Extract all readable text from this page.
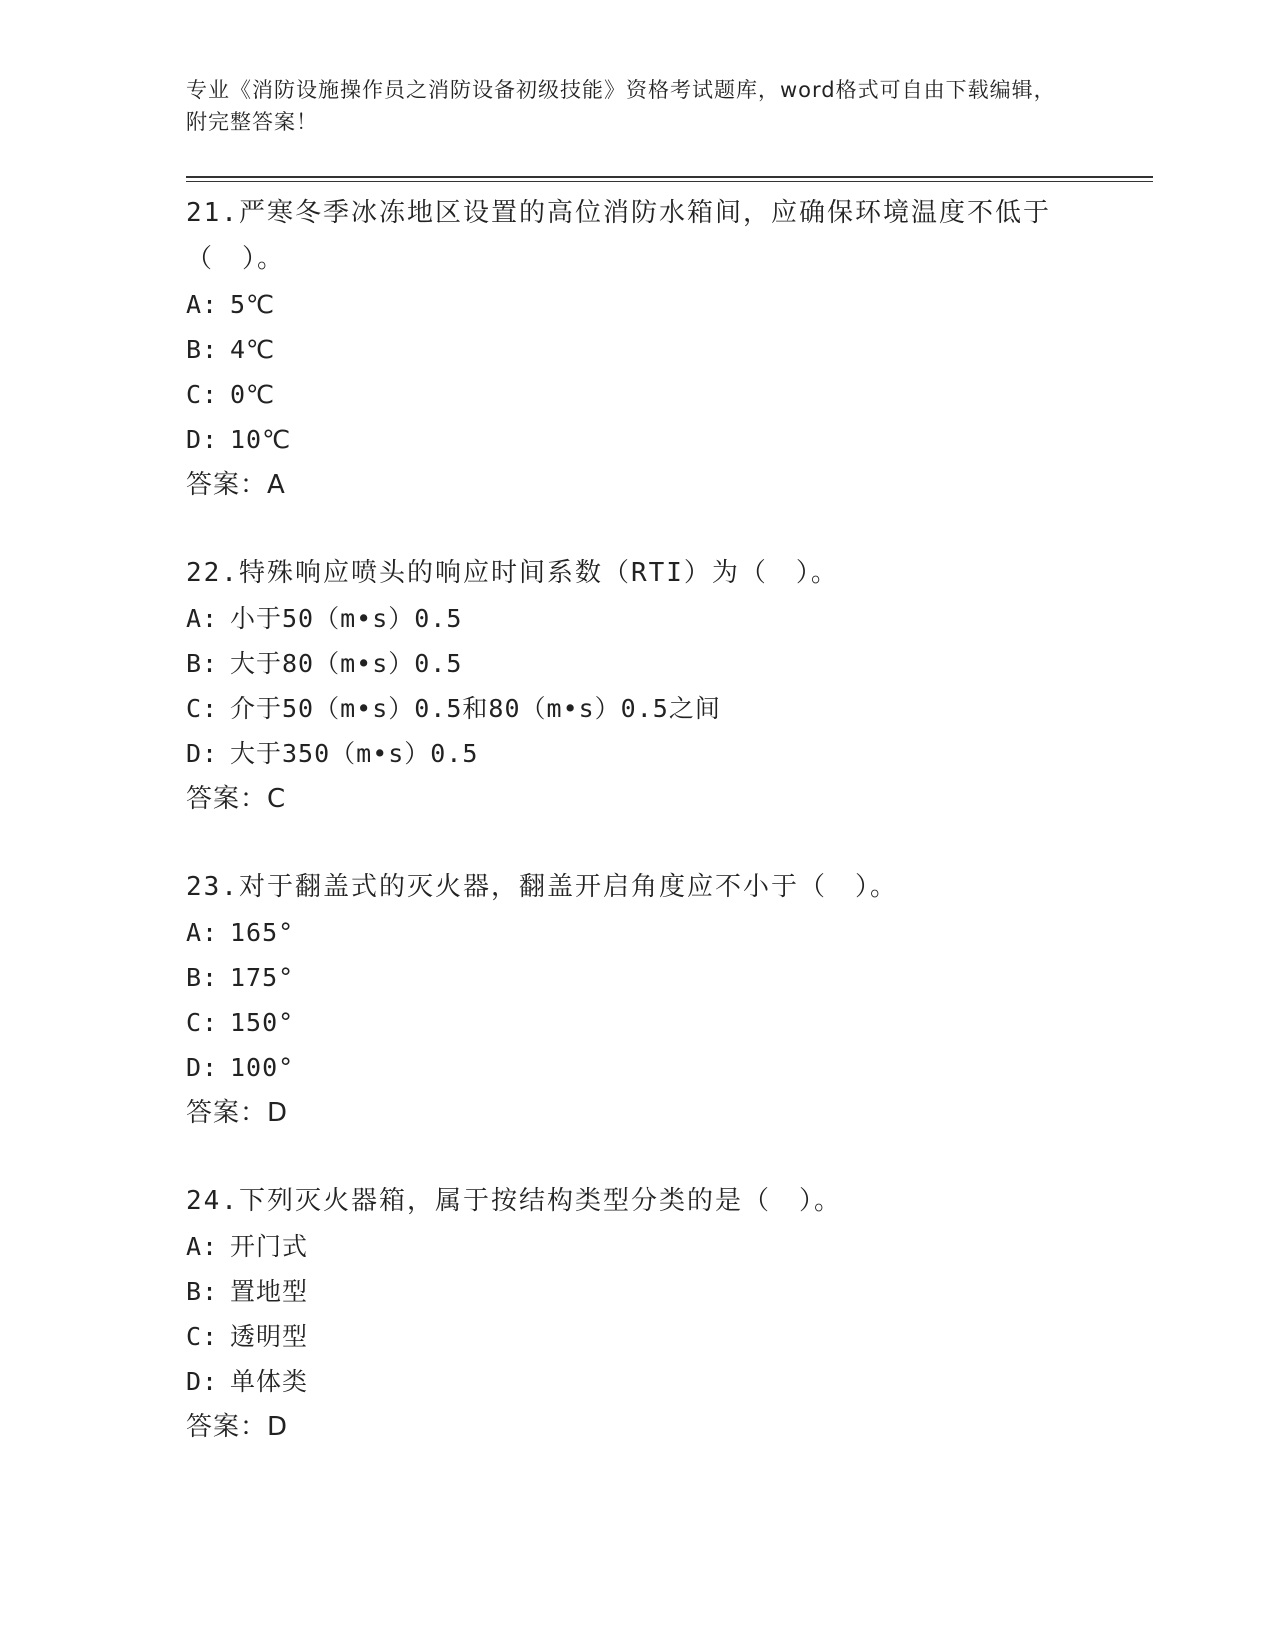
专业《消防设施操作员之消防设备初级技能》资格考试题库，word格式可自由下载编辑，附完整答案！

21.严寒冬季冰冻地区设置的高位消防水箱间，应确保环境温度不低于（　）。

A: 5℃

B: 4℃

C: 0℃

D: 10℃

答案：A

22.特殊响应喷头的响应时间系数（RTI）为（　）。

A: 小于50（m•s）0.5

B: 大于80（m•s）0.5

C: 介于50（m•s）0.5和80（m•s）0.5之间

D: 大于350（m•s）0.5

答案：C

23.对于翻盖式的灭火器，翻盖开启角度应不小于（　）。

A: 165°

B: 175°

C: 150°

D: 100°

答案：D

24.下列灭火器箱，属于按结构类型分类的是（　）。

A: 开门式

B: 置地型

C: 透明型

D: 单体类

答案：D
